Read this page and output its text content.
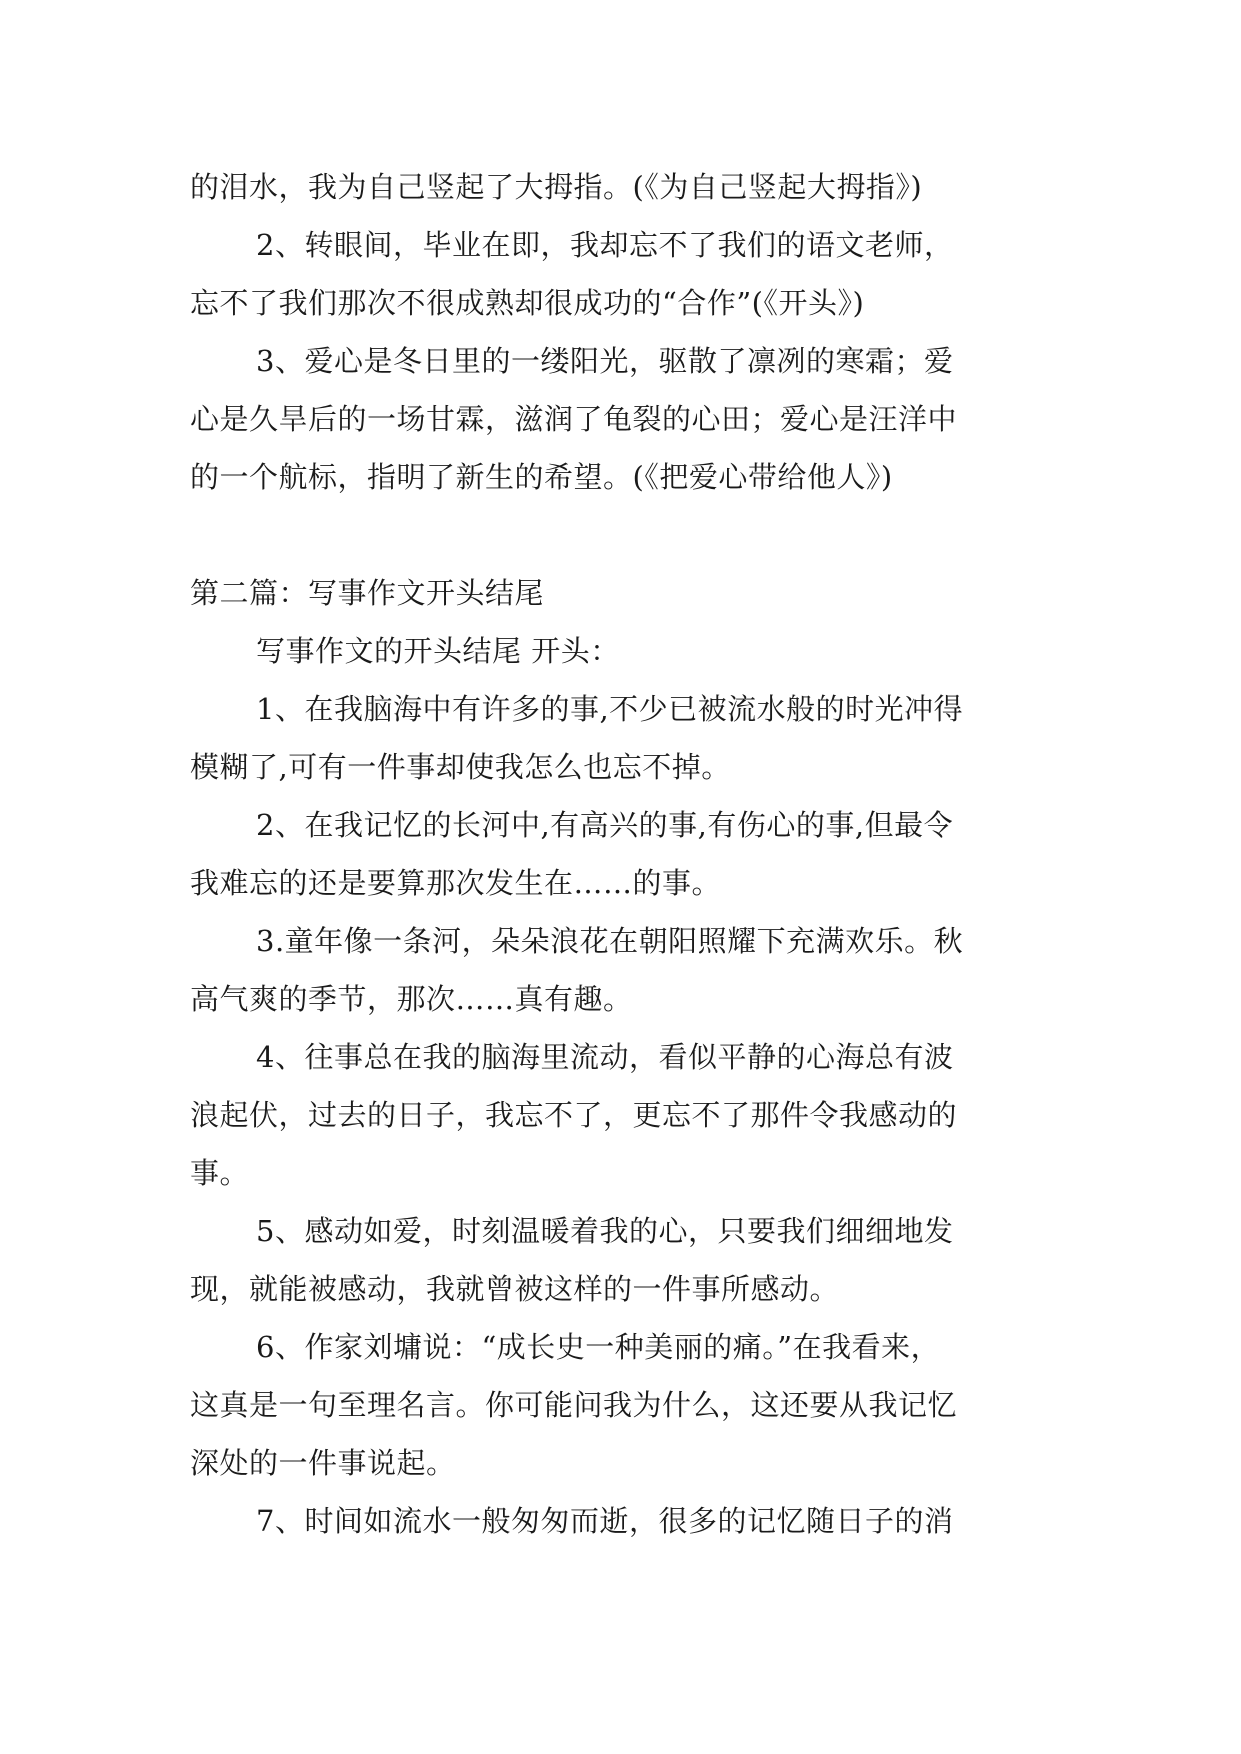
的泪水，我为自己竖起了大拇指。(《为自己竖起大拇指》)
2、转眼间，毕业在即，我却忘不了我们的语文老师，
忘不了我们那次不很成熟却很成功的“合作”(《开头》)
3、爱心是冬日里的一缕阳光，驱散了凛冽的寒霜；爱
心是久旱后的一场甘霖，滋润了龟裂的心田；爱心是汪洋中
的一个航标，指明了新生的希望。(《把爱心带给他人》)
第二篇：写事作文开头结尾
写事作文的开头结尾 开头：
1、在我脑海中有许多的事,不少已被流水般的时光冲得
模糊了,可有一件事却使我怎么也忘不掉。
2、在我记忆的长河中,有高兴的事,有伤心的事,但最令
我难忘的还是要算那次发生在……的事。
3.童年像一条河，朵朵浪花在朝阳照耀下充满欢乐。秋
高气爽的季节，那次……真有趣。
4、往事总在我的脑海里流动，看似平静的心海总有波
浪起伏，过去的日子，我忘不了，更忘不了那件令我感动的
事。
5、感动如爱，时刻温暖着我的心，只要我们细细地发
现，就能被感动，我就曾被这样的一件事所感动。
6、作家刘墉说：“成长史一种美丽的痛。”在我看来，
这真是一句至理名言。你可能问我为什么，这还要从我记忆
深处的一件事说起。
7、时间如流水一般匆匆而逝，很多的记忆随日子的消
